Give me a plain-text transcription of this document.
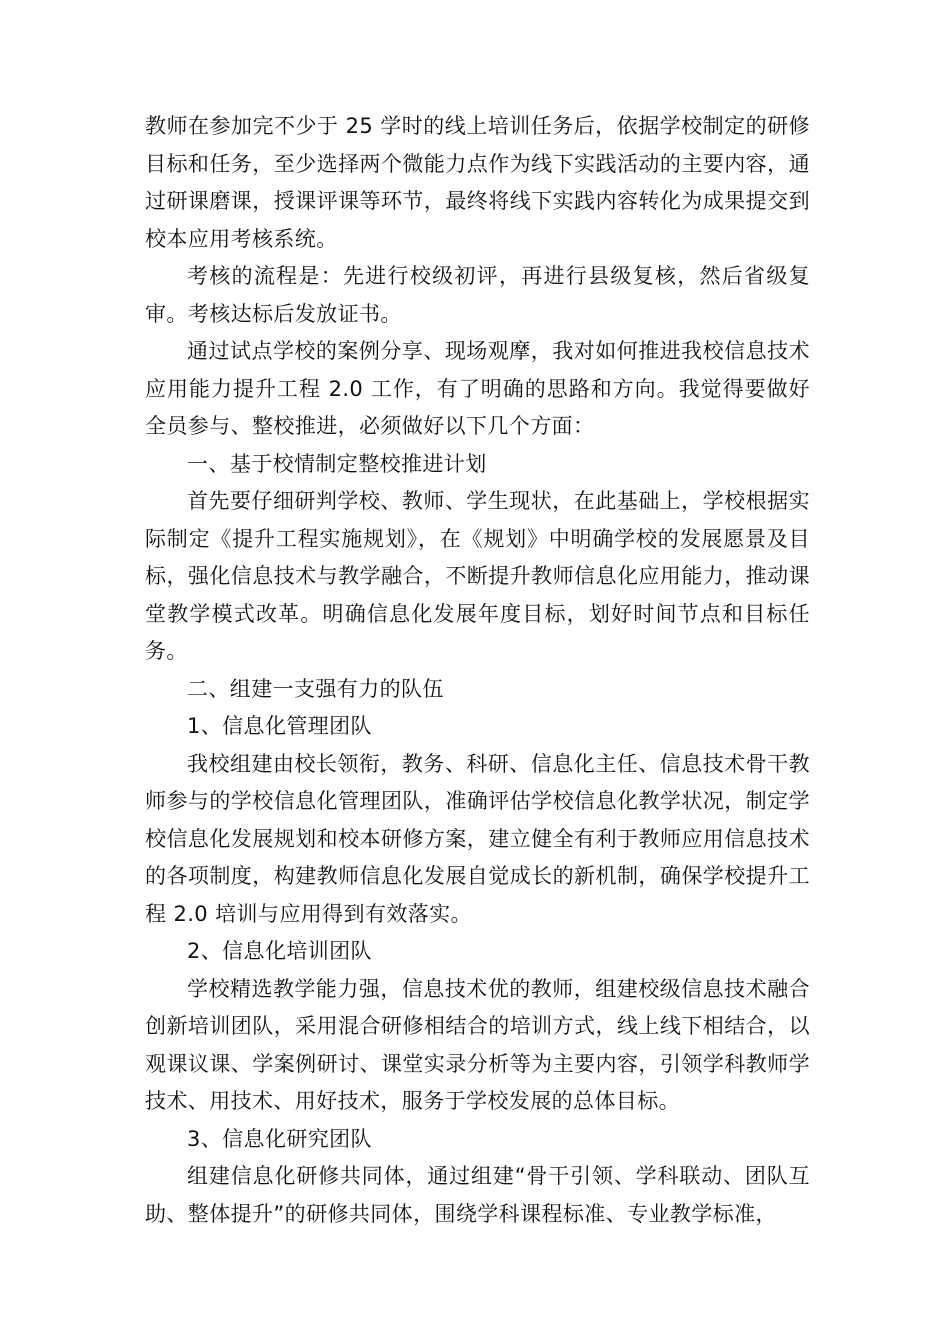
教师在参加完不少于 25 学时的线上培训任务后，依据学校制定的研修目标和任务，至少选择两个微能力点作为线下实践活动的主要内容，通过研课磨课，授课评课等环节，最终将线下实践内容转化为成果提交到校本应用考核系统。

考核的流程是：先进行校级初评，再进行县级复核，然后省级复审。考核达标后发放证书。

通过试点学校的案例分享、现场观摩，我对如何推进我校信息技术应用能力提升工程 2.0 工作，有了明确的思路和方向。我觉得要做好全员参与、整校推进，必须做好以下几个方面：

一、基于校情制定整校推进计划

首先要仔细研判学校、教师、学生现状，在此基础上，学校根据实际制定《提升工程实施规划》，在《规划》中明确学校的发展愿景及目标，强化信息技术与教学融合，不断提升教师信息化应用能力，推动课堂教学模式改革。明确信息化发展年度目标，划好时间节点和目标任务。

二、组建一支强有力的队伍

1、信息化管理团队

我校组建由校长领衔，教务、科研、信息化主任、信息技术骨干教师参与的学校信息化管理团队，准确评估学校信息化教学状况，制定学校信息化发展规划和校本研修方案，建立健全有利于教师应用信息技术的各项制度，构建教师信息化发展自觉成长的新机制，确保学校提升工程 2.0 培训与应用得到有效落实。

2、信息化培训团队

学校精选教学能力强，信息技术优的教师，组建校级信息技术融合创新培训团队，采用混合研修相结合的培训方式，线上线下相结合，以观课议课、学案例研讨、课堂实录分析等为主要内容，引领学科教师学技术、用技术、用好技术，服务于学校发展的总体目标。

3、信息化研究团队

组建信息化研修共同体，通过组建“骨干引领、学科联动、团队互助、整体提升”的研修共同体，围绕学科课程标准、专业教学标准，
